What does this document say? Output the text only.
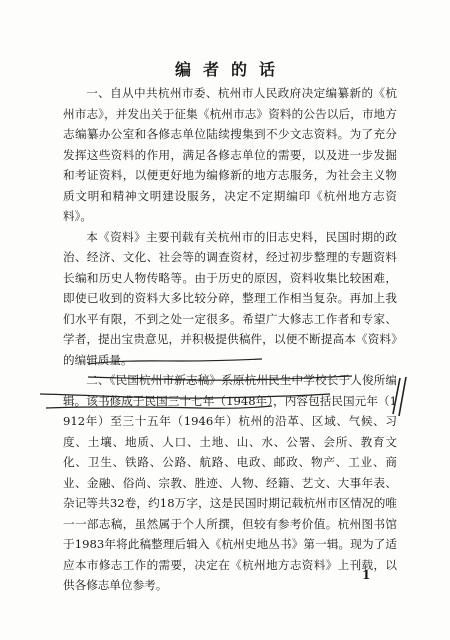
编者的话

一、自从中共杭州市委、杭州市人民政府决定编纂新的《杭州市志》，并发出关于征集《杭州市志》资料的公告以后，市地方志编纂办公室和各修志单位陆续搜集到不少文志资料。为了充分发挥这些资料的作用，满足各修志单位的需要，以及进一步发掘和考证资料，以便更好地为编修新的地方志服务，为社会主义物质文明和精神文明建设服务，决定不定期编印《杭州地方志资料》。

本《资料》主要刊载有关杭州市的旧志史料，民国时期的政治、经济、文化、社会等的调查资材，经过初步整理的专题资料长编和历史人物传略等。由于历史的原因，资料收集比较困难，即使已收到的资料大多比较分碎，整理工作相当复杂。再加上我们水平有限，不到之处一定很多。希望广大修志工作者和专家、学者，提出宝贵意见，并积极提供稿件，以便不断提高本《资料》的编辑质量。

二、《民国杭州市新志稿》系原杭州民生中学校长于人俊所编辑。该书修成于民国三十七年（1948年），内容包括民国元年（1912年）至三十五年（1946年）杭州的沿革、区域、气候、习度、土壤、地质、人口、土地、山、水、公署、会所、教育文化、卫生、铁路、公路、航路、电政、邮政、物产、工业、商业、金融、俗尚、宗教、胜迹、人物、经籍、艺文、大事年表、杂记等共32卷，约18万字，这是民国时期记载杭州市区情况的唯一一部志稿，虽然属于个人所撰，但较有参考价值。杭州图书馆于1983年将此稿整理后辑入《杭州史地丛书》第一辑。现为了适应本市修志工作的需要，决定在《杭州地方志资料》上刊载，以供各修志单位参考。

1
